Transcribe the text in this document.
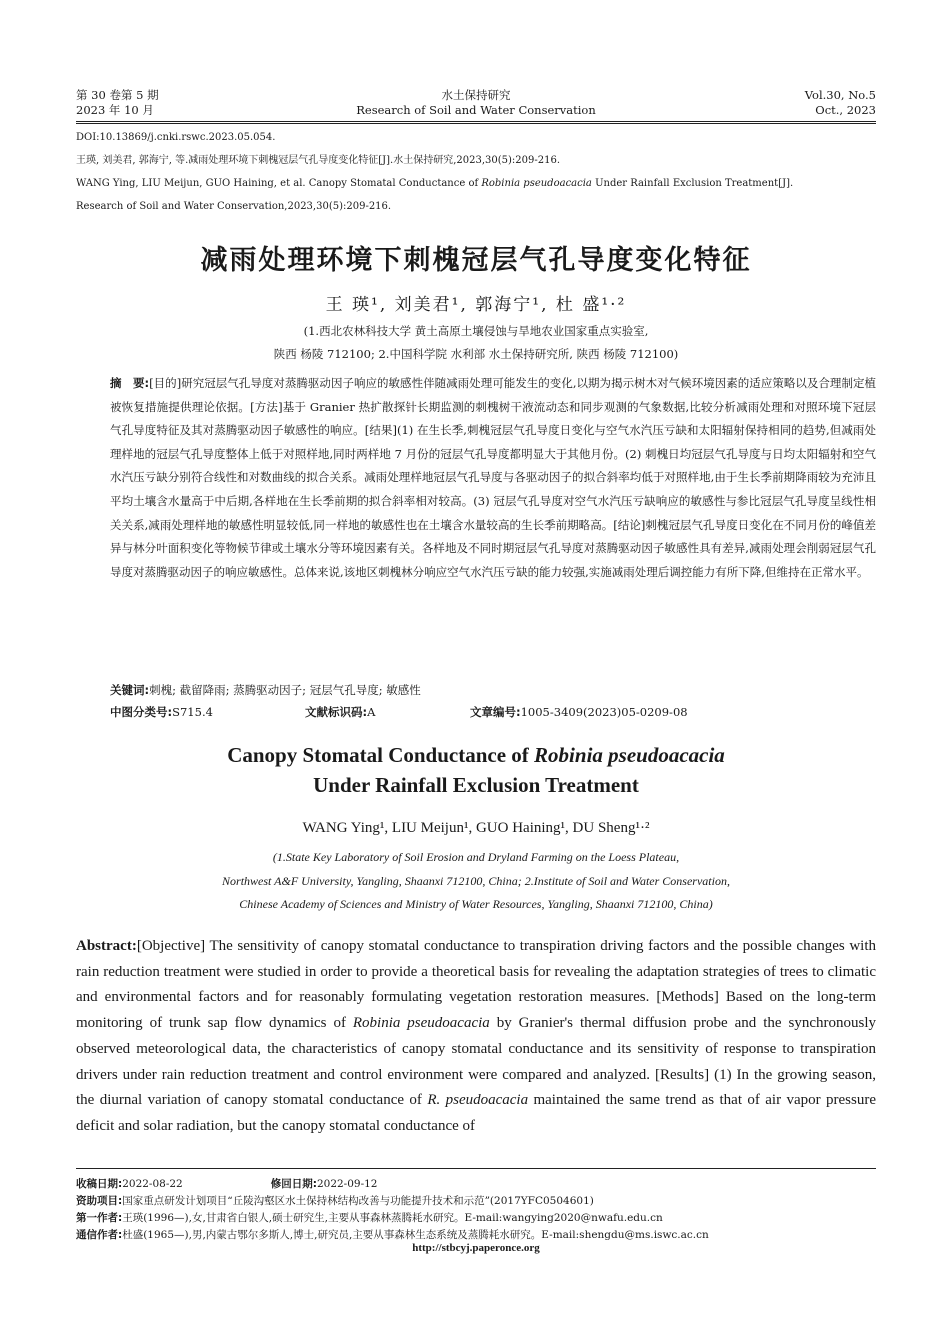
第 30 卷第 5 期
2023 年 10 月
水土保持研究
Research of Soil and Water Conservation
Vol.30, No.5
Oct., 2023
DOI:10.13869/j.cnki.rswc.2023.05.054.
王瑛, 刘美君, 郭海宁, 等.减雨处理环境下刺槐冠层气孔导度变化特征[J].水土保持研究,2023,30(5):209-216.
WANG Ying, LIU Meijun, GUO Haining, et al. Canopy Stomatal Conductance of Robinia pseudoacacia Under Rainfall Exclusion Treatment[J].
Research of Soil and Water Conservation,2023,30(5):209-216.
减雨处理环境下刺槐冠层气孔导度变化特征
王 瑛¹, 刘美君¹, 郭海宁¹, 杜 盛¹·²
(1.西北农林科技大学 黄土高原土壤侵蚀与旱地农业国家重点实验室,
陕西 杨陵 712100; 2.中国科学院 水利部 水土保持研究所, 陕西 杨陵 712100)
摘　要:[目的]研究冠层气孔导度对蒸腾驱动因子响应的敏感性伴随减雨处理可能发生的变化,以期为揭示树木对气候环境因素的适应策略以及合理制定植被恢复措施提供理论依据。[方法]基于 Granier 热扩散探针长期监测的刺槐树干液流动态和同步观测的气象数据,比较分析减雨处理和对照环境下冠层气孔导度特征及其对蒸腾驱动因子敏感性的响应。[结果](1) 在生长季,刺槐冠层气孔导度日变化与空气水汽压亏缺和太阳辐射保持相同的趋势,但减雨处理样地的冠层气孔导度整体上低于对照样地,同时两样地 7 月份的冠层气孔导度都明显大于其他月份。(2) 刺槐日均冠层气孔导度与日均太阳辐射和空气水汽压亏缺分别符合线性和对数曲线的拟合关系。减雨处理样地冠层气孔导度与各驱动因子的拟合斜率均低于对照样地,由于生长季前期降雨较为充沛且平均土壤含水量高于中后期,各样地在生长季前期的拟合斜率相对较高。(3) 冠层气孔导度对空气水汽压亏缺响应的敏感性与参比冠层气孔导度呈线性相关关系,减雨处理样地的敏感性明显较低,同一样地的敏感性也在土壤含水量较高的生长季前期略高。[结论]刺槐冠层气孔导度日变化在不同月份的峰值差异与林分叶面积变化等物候节律或土壤水分等环境因素有关。各样地及不同时期冠层气孔导度对蒸腾驱动因子敏感性具有差异,减雨处理会削弱冠层气孔导度对蒸腾驱动因子的响应敏感性。总体来说,该地区刺槐林分响应空气水汽压亏缺的能力较强,实施减雨处理后调控能力有所下降,但维持在正常水平。
关键词:刺槐; 截留降雨; 蒸腾驱动因子; 冠层气孔导度; 敏感性
中图分类号:S715.4	文献标识码:A	文章编号:1005-3409(2023)05-0209-08
Canopy Stomatal Conductance of Robinia pseudoacacia
Under Rainfall Exclusion Treatment
WANG Ying¹, LIU Meijun¹, GUO Haining¹, DU Sheng¹·²
(1.State Key Laboratory of Soil Erosion and Dryland Farming on the Loess Plateau,
Northwest A&F University, Yangling, Shaanxi 712100, China; 2.Institute of Soil and Water Conservation,
Chinese Academy of Sciences and Ministry of Water Resources, Yangling, Shaanxi 712100, China)
Abstract:[Objective] The sensitivity of canopy stomatal conductance to transpiration driving factors and the possible changes with rain reduction treatment were studied in order to provide a theoretical basis for revealing the adaptation strategies of trees to climatic and environmental factors and for reasonably formulating vegetation restoration measures. [Methods] Based on the long-term monitoring of trunk sap flow dynamics of Robinia pseudoacacia by Granier's thermal diffusion probe and the synchronously observed meteorological data, the characteristics of canopy stomatal conductance and its sensitivity of response to transpiration drivers under rain reduction treatment and control environment were compared and analyzed. [Results] (1) In the growing season, the diurnal variation of canopy stomatal conductance of R. pseudoacacia maintained the same trend as that of air vapor pressure deficit and solar radiation, but the canopy stomatal conductance of
收稿日期:2022-08-22	修回日期:2022-09-12
资助项目:国家重点研发计划项目“丘陵沟壑区水土保持林结构改善与功能提升技术和示范”(2017YFC0504601)
第一作者:王瑛(1996—),女,甘肃省白银人,硕士研究生,主要从事森林蒸腾耗水研究。E-mail:wangying2020@nwafu.edu.cn
通信作者:杜盛(1965—),男,内蒙古鄂尔多斯人,博士,研究员,主要从事森林生态系统及蒸腾耗水研究。E-mail:shengdu@ms.iswc.ac.cn
http://stbcyj.paperonce.org
